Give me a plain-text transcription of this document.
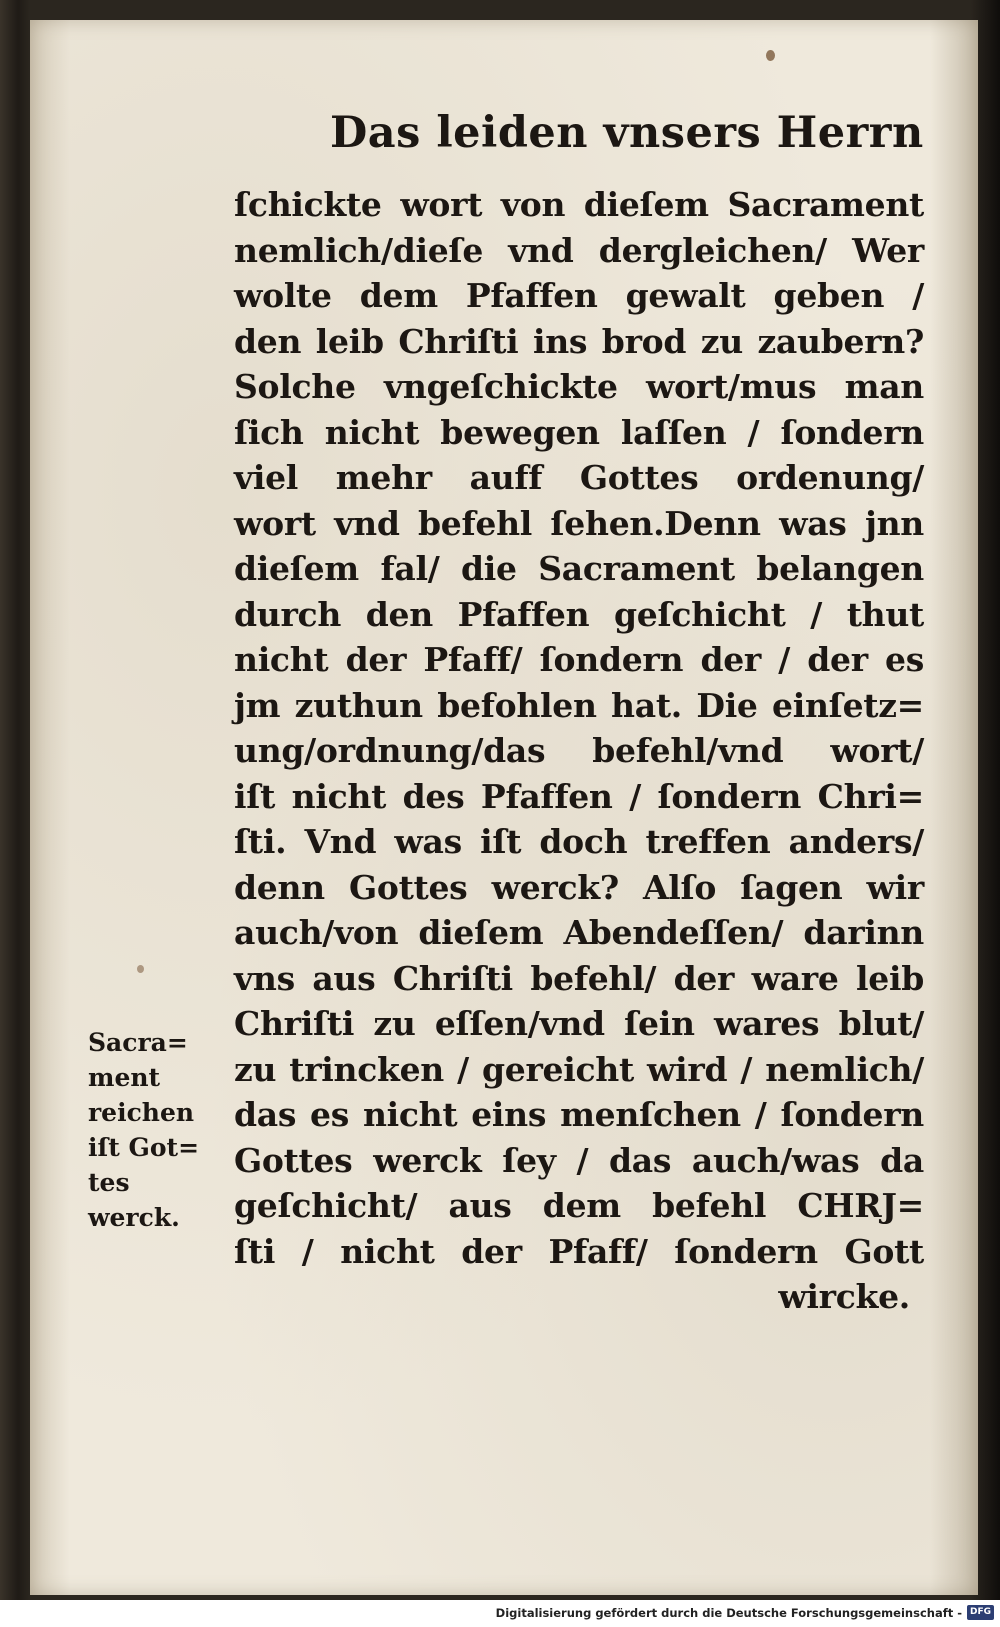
Das leiden vnsers Herrn
ſchickte wort von dieſem Sacrament
nemlich/dieſe vnd dergleichen/ Wer
wolte dem Pfaffen gewalt geben /
den leib Chriſti ins brod zu zaubern?
Solche vngeſchickte wort/mus man
ſich nicht bewegen laſſen / ſondern
viel mehr auff Gottes ordenung/
wort vnd befehl ſehen.Denn was jnn
dieſem fal/ die Sacrament belangen
durch den Pfaffen geſchicht / thut
nicht der Pfaff/ ſondern der / der es
jm zuthun befohlen hat. Die einſetz=
ung/ordnung/das befehl/vnd wort/
iſt nicht des Pfaffen / ſondern Chri=
ſti. Vnd was iſt doch treffen anders/
denn Gottes werck? Alſo ſagen wir
auch/von dieſem Abendeſſen/ darinn
vns aus Chriſti befehl/ der ware leib
Chriſti zu eſſen/vnd ſein wares blut/
zu trincken / gereicht wird / nemlich/
das es nicht eins menſchen / ſondern
Gottes werck ſey / das auch/was da
geſchicht/ aus dem befehl CHRJ=
ſti / nicht der Pfaff/ ſondern Gott
wircke.
Sacra=
ment
reichen
iſt Got=
tes
werck.
Digitalisierung gefördert durch die Deutsche Forschungsgemeinschaft - DFG
